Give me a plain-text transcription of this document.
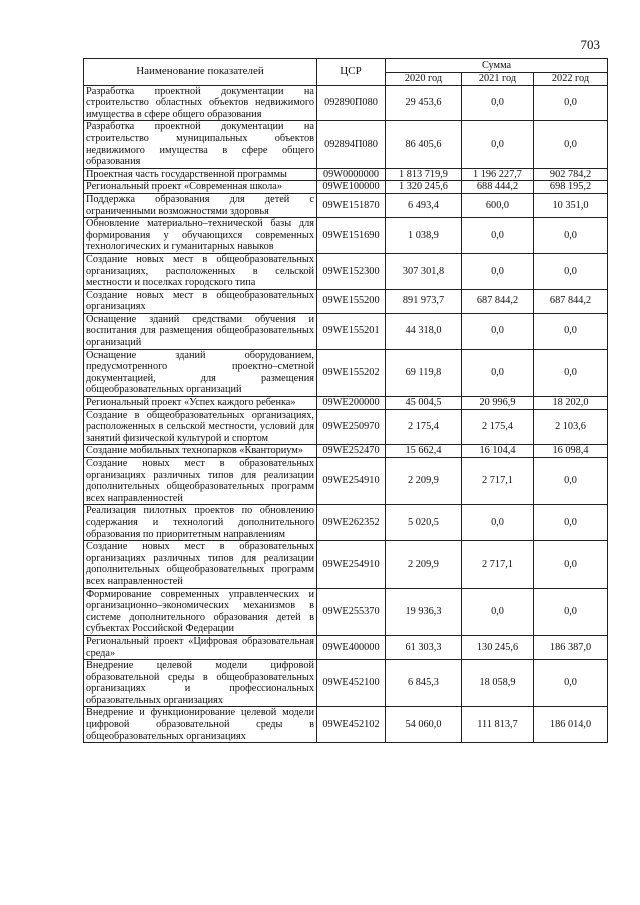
703
Наименование показателей	ЦСР	Сумма		
		2020 год	2021 год	2022 год
Разработка проектной документации на строительство областных объектов недвижимого имущества в сфере общего образования	092890П080	29 453,6	0,0	0,0
Разработка проектной документации на строительство муниципальных объектов недвижимого имущества в сфере общего образования	092894П080	86 405,6	0,0	0,0
Проектная часть государственной программы	09W0000000	1 813 719,9	1 196 227,7	902 784,2
Региональный проект «Современная школа»	09WE100000	1 320 245,6	688 444,2	698 195,2
Поддержка образования для детей с ограниченными возможностями здоровья	09WE151870	6 493,4	600,0	10 351,0
Обновление материально–технической базы для формирования у обучающихся современных технологических и гуманитарных навыков	09WE151690	1 038,9	0,0	0,0
Создание новых мест в общеобразовательных организациях, расположенных в сельской местности и поселках городского типа	09WE152300	307 301,8	0,0	0,0
Создание новых мест в общеобразовательных организациях	09WE155200	891 973,7	687 844,2	687 844,2
Оснащение зданий средствами обучения и воспитания для размещения общеобразовательных организаций	09WE155201	44 318,0	0,0	0,0
Оснащение зданий оборудованием, предусмотренного проектно–сметной документацией, для размещения общеобразовательных организаций	09WE155202	69 119,8	0,0	0,0
Региональный проект «Успех каждого ребенка»	09WE200000	45 004,5	20 996,9	18 202,0
Создание в общеобразовательных организациях, расположенных в сельской местности, условий для занятий физической культурой и спортом	09WE250970	2 175,4	2 175,4	2 103,6
Создание мобильных технопарков «Кванториум»	09WE252470	15 662,4	16 104,4	16 098,4
Создание новых мест в образовательных организациях различных типов для реализации дополнительных общеобразовательных программ всех направленностей	09WE254910	2 209,9	2 717,1	0,0
Реализация пилотных проектов по обновлению содержания и технологий дополнительного образования по приоритетным направлениям	09WE262352	5 020,5	0,0	0,0
Создание новых мест в образовательных организациях различных типов для реализации дополнительных общеобразовательных программ всех направленностей	09WE254910	2 209,9	2 717,1	0,0
Формирование современных управленческих и организационно–экономических механизмов в системе дополнительного образования детей в субъектах Российской Федерации	09WE255370	19 936,3	0,0	0,0
Региональный проект «Цифровая образовательная среда»	09WE400000	61 303,3	130 245,6	186 387,0
Внедрение целевой модели цифровой образовательной среды в общеобразовательных организациях и профессиональных образовательных организациях	09WE452100	6 845,3	18 058,9	0,0
Внедрение и функционирование целевой модели цифровой образовательной среды в общеобразовательных организациях	09WE452102	54 060,0	111 813,7	186 014,0
